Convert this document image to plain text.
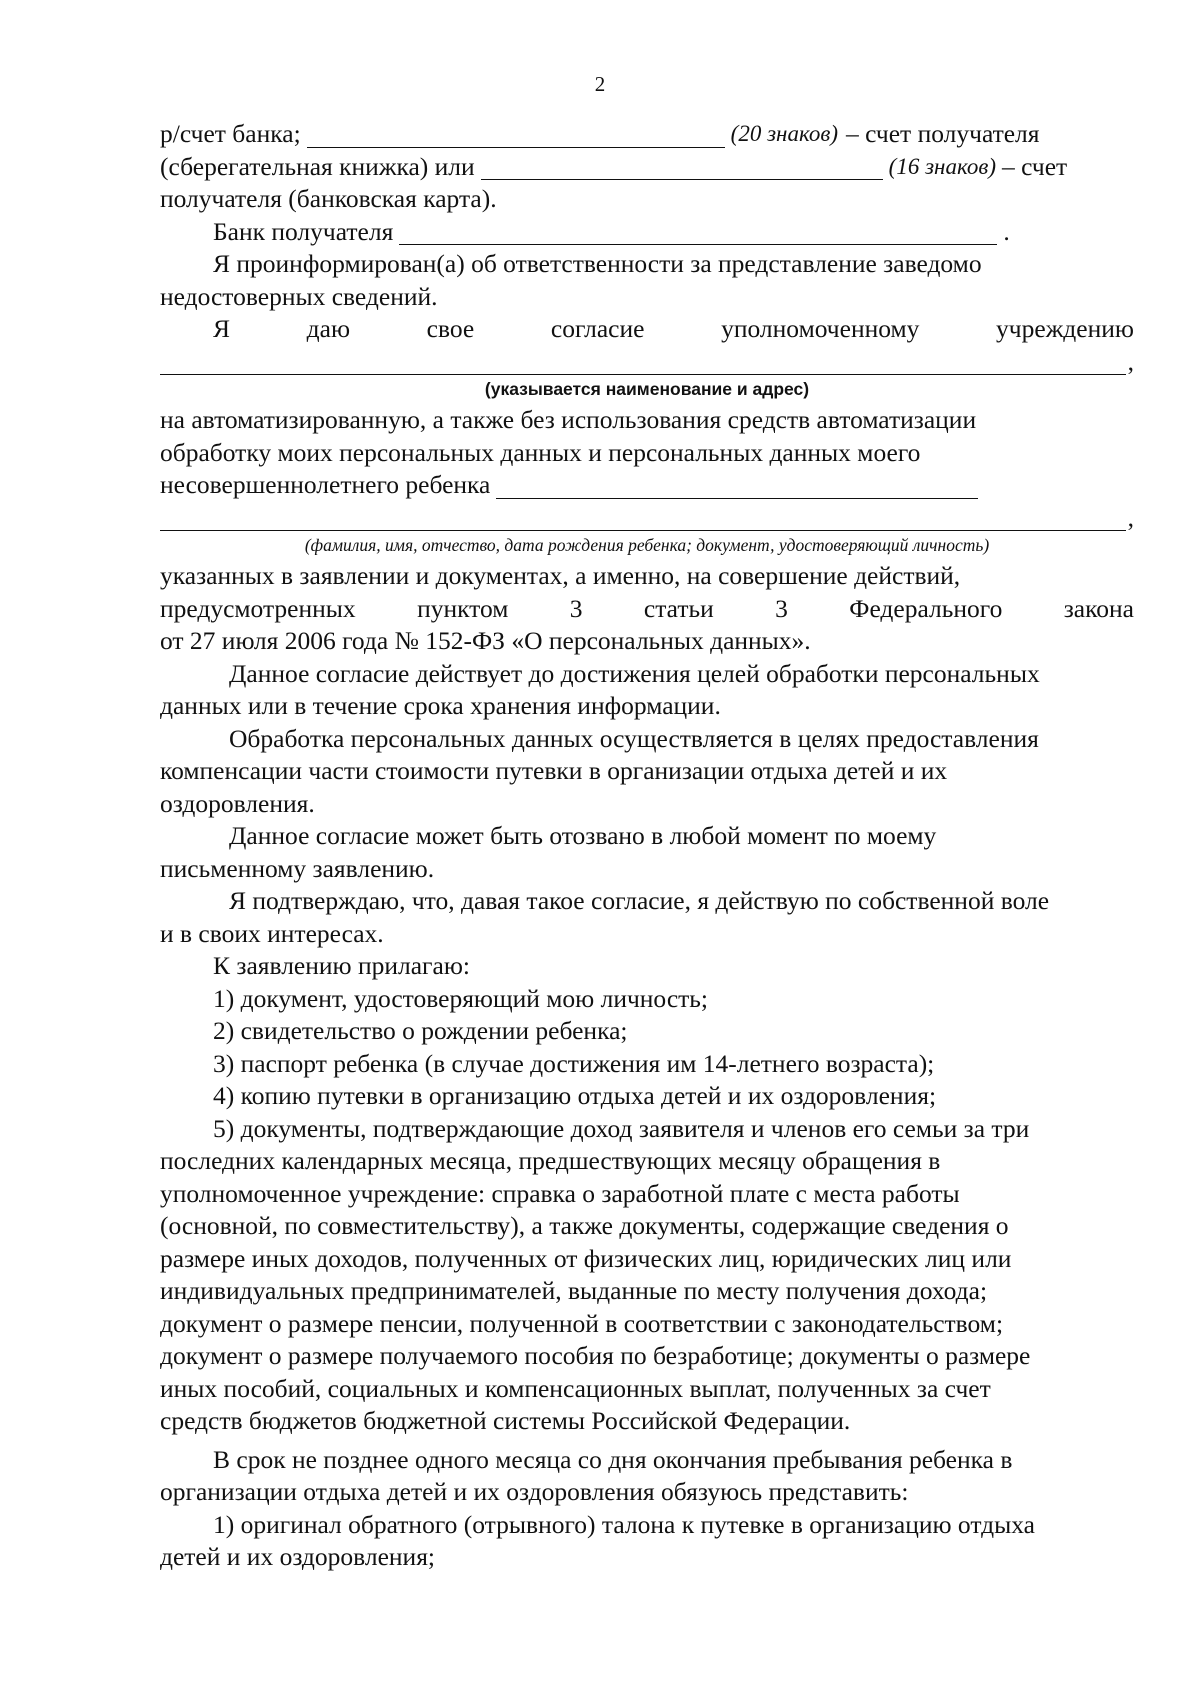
2
р/счет банка;	(20 знаков) – счет получателя
(сберегательная книжка) или	(16 знаков) – счет
получателя (банковская карта).
Банк получателя	.
Я проинформирован(а) об ответственности за представление заведомо
недостоверных сведений.
Я	даю	свое	согласие	уполномоченному	учреждению
,
(указывается наименование и адрес)
на автоматизированную, а также без использования средств автоматизации
обработку моих персональных данных и персональных данных моего
несовершеннолетнего ребенка
,
(фамилия, имя, отчество, дата рождения ребенка; документ, удостоверяющий личность)
указанных в заявлении и документах, а именно, на совершение действий,
предусмотренных пунктом 3 статьи 3 Федерального закона
от 27 июля 2006 года № 152-ФЗ «О персональных данных».
Данное согласие действует до достижения целей обработки персональных
данных или в течение срока хранения информации.
Обработка персональных данных осуществляется в целях предоставления
компенсации части стоимости путевки в организации отдыха детей и их
оздоровления.
Данное согласие может быть отозвано в любой момент по моему
письменному заявлению.
Я подтверждаю, что, давая такое согласие, я действую по собственной воле
и в своих интересах.
К заявлению прилагаю:
1) документ, удостоверяющий мою личность;
2) свидетельство о рождении ребенка;
3) паспорт ребенка (в случае достижения им 14-летнего возраста);
4) копию путевки в организацию отдыха детей и их оздоровления;
5) документы, подтверждающие доход заявителя и членов его семьи за три
последних календарных месяца, предшествующих месяцу обращения в
уполномоченное учреждение: справка о заработной плате с места работы
(основной, по совместительству), а также документы, содержащие сведения о
размере иных доходов, полученных от физических лиц, юридических лиц или
индивидуальных предпринимателей, выданные по месту получения дохода;
документ о размере пенсии, полученной в соответствии с законодательством;
документ о размере получаемого пособия по безработице; документы о размере
иных пособий, социальных и компенсационных выплат, полученных за счет
средств бюджетов бюджетной системы Российской Федерации.
В срок не позднее одного месяца со дня окончания пребывания ребенка в
организации отдыха детей и их оздоровления обязуюсь представить:
1) оригинал обратного (отрывного) талона к путевке в организацию отдыха
детей и их оздоровления;
